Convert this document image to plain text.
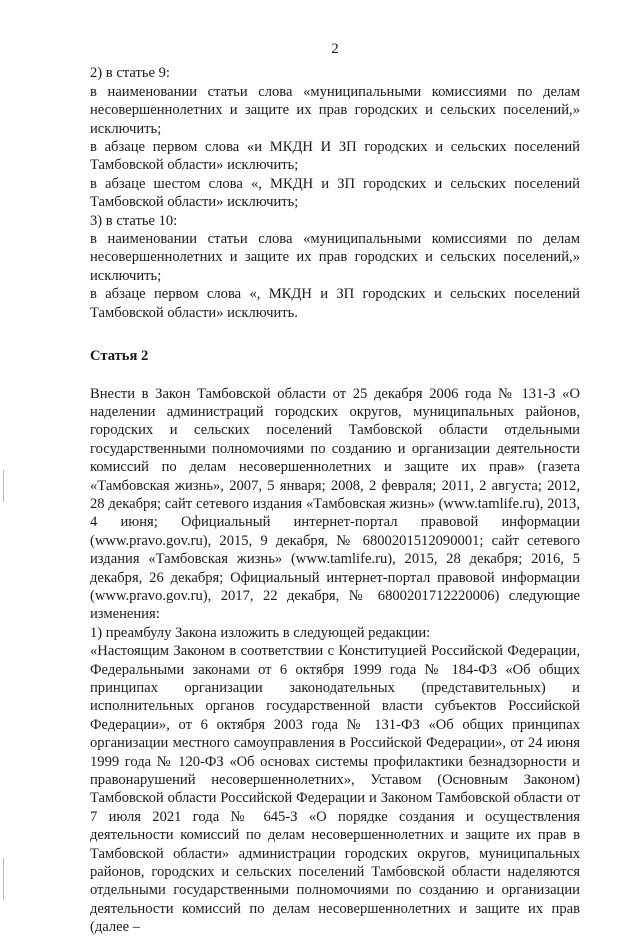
2

2) в статье 9:

в наименовании статьи слова «муниципальными комиссиями по делам несовершеннолетних и защите их прав городских и сельских поселений,» исключить;

в абзаце первом слова «и МКДН И ЗП городских и сельских поселений Тамбовской области» исключить;

в абзаце шестом слова «, МКДН и ЗП городских и сельских поселений Тамбовской области» исключить;

3) в статье 10:

в наименовании статьи слова «муниципальными комиссиями по делам несовершеннолетних и защите их прав городских и сельских поселений,» исключить;

в абзаце первом слова «, МКДН и ЗП городских и сельских поселений Тамбовской области» исключить.

Статья 2

Внести в Закон Тамбовской области от 25 декабря 2006 года № 131-З «О наделении администраций городских округов, муниципальных районов, городских и сельских поселений Тамбовской области отдельными государственными полномочиями по созданию и организации деятельности комиссий по делам несовершеннолетних и защите их прав» (газета «Тамбовская жизнь», 2007, 5 января; 2008, 2 февраля; 2011, 2 августа; 2012, 28 декабря; сайт сетевого издания «Тамбовская жизнь» (www.tamlife.ru), 2013, 4 июня; Официальный интернет-портал правовой информации (www.pravo.gov.ru), 2015, 9 декабря, № 6800201512090001; сайт сетевого издания «Тамбовская жизнь» (www.tamlife.ru), 2015, 28 декабря; 2016, 5 декабря, 26 декабря; Официальный интернет-портал правовой информации (www.pravo.gov.ru), 2017, 22 декабря, № 6800201712220006) следующие изменения:

1) преамбулу Закона изложить в следующей редакции:

«Настоящим Законом в соответствии с Конституцией Российской Федерации, Федеральными законами от 6 октября 1999 года № 184-ФЗ «Об общих принципах организации законодательных (представительных) и исполнительных органов государственной власти субъектов Российской Федерации», от 6 октября 2003 года № 131-ФЗ «Об общих принципах организации местного самоуправления в Российской Федерации», от 24 июня 1999 года № 120-ФЗ «Об основах системы профилактики безнадзорности и правонарушений несовершеннолетних», Уставом (Основным Законом) Тамбовской области Российской Федерации и Законом Тамбовской области от 7 июля 2021 года № 645-З «О порядке создания и осуществления деятельности комиссий по делам несовершеннолетних и защите их прав в Тамбовской области» администрации городских округов, муниципальных районов, городских и сельских поселений Тамбовской области наделяются отдельными государственными полномочиями по созданию и организации деятельности комиссий по делам несовершеннолетних и защите их прав (далее –
